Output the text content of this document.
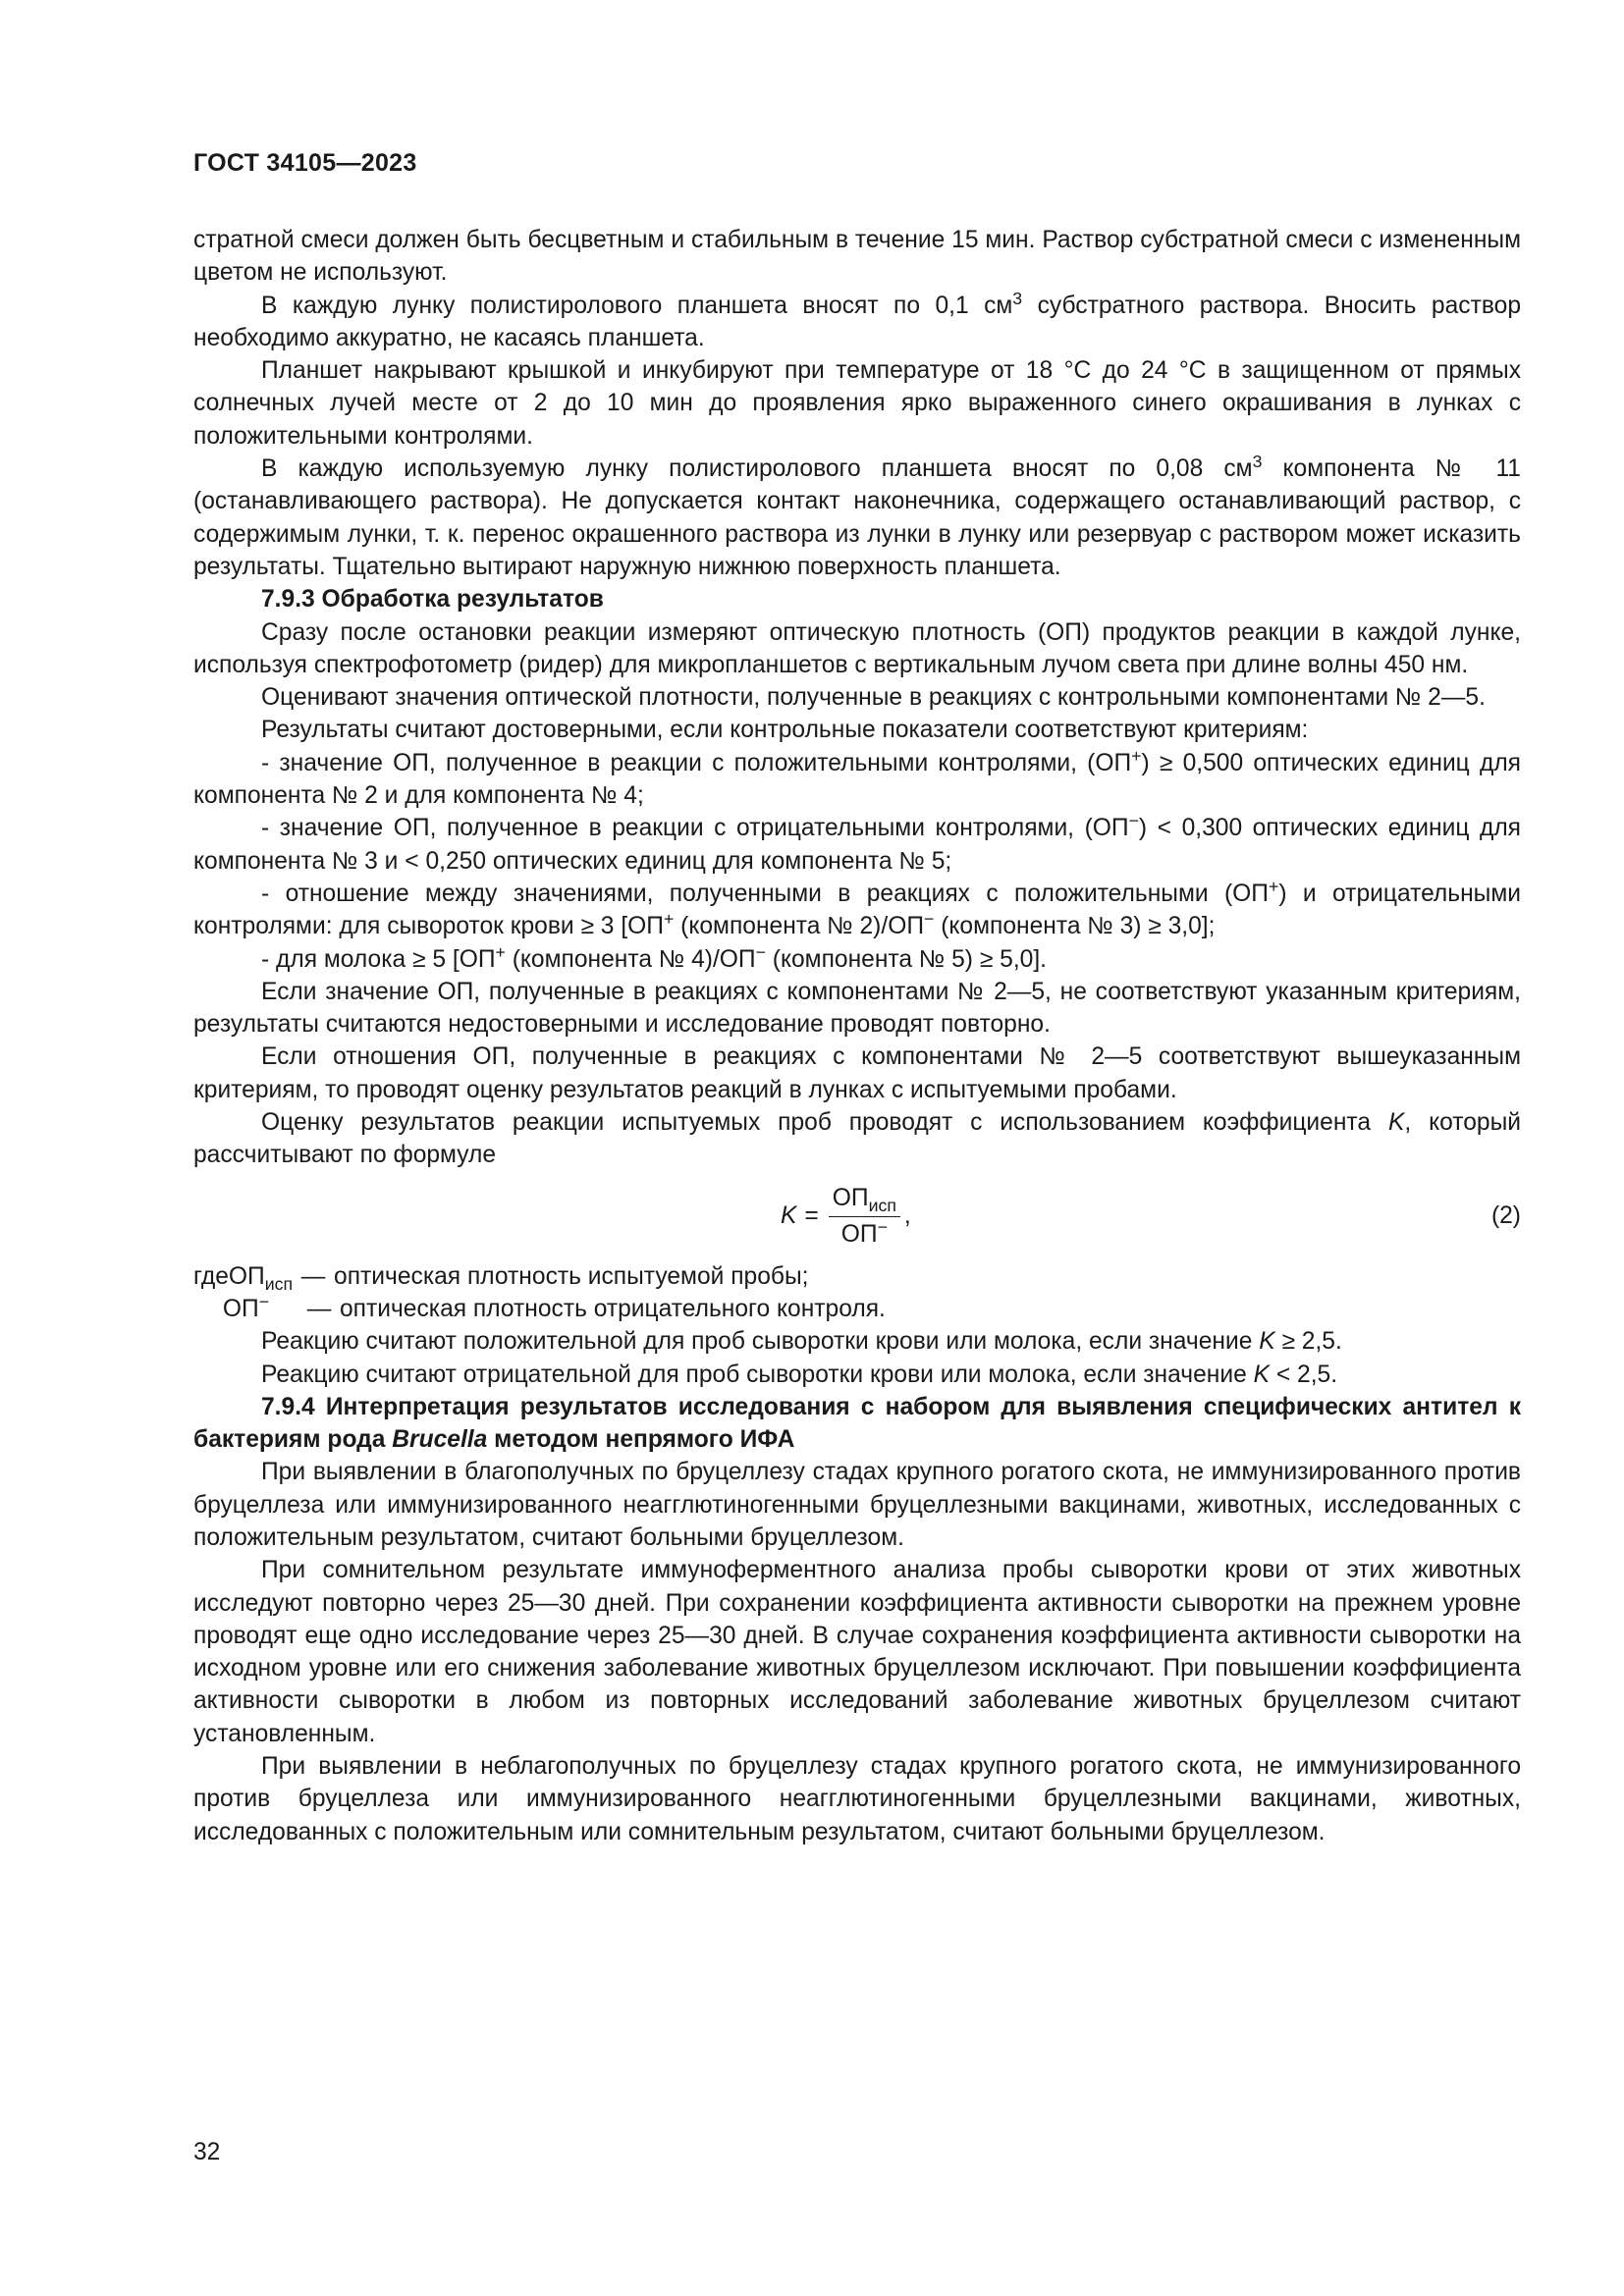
ГОСТ 34105—2023

стратной смеси должен быть бесцветным и стабильным в течение 15 мин. Раствор субстратной смеси с измененным цветом не используют.

В каждую лунку полистиролового планшета вносят по 0,1 $см^3$ субстратного раствора. Вносить раствор необходимо аккуратно, не касаясь планшета.

Планшет накрывают крышкой и инкубируют при температуре от 18 °С до 24 °С в защищенном от прямых солнечных лучей месте от 2 до 10 мин до проявления ярко выраженного синего окрашивания в лунках с положительными контролями.

В каждую используемую лунку полистиролового планшета вносят по 0,08 $см^3$ компонента № 11 (останавливающего раствора). Не допускается контакт наконечника, содержащего останавливающий раствор, с содержимым лунки, т. к. перенос окрашенного раствора из лунки в лунку или резервуар с раствором может исказить результаты. Тщательно вытирают наружную нижнюю поверхность планшета.

7.9.3 Обработка результатов

Сразу после остановки реакции измеряют оптическую плотность (ОП) продуктов реакции в каждой лунке, используя спектрофотометр (ридер) для микропланшетов с вертикальным лучом света при длине волны 450 нм.

Оценивают значения оптической плотности, полученные в реакциях с контрольными компонентами № 2—5.

Результаты считают достоверными, если контрольные показатели соответствуют критериям:

- значение ОП, полученное в реакции с положительными контролями, (ОП+) ≥ 0,500 оптических единиц для компонента № 2 и для компонента № 4;

- значение ОП, полученное в реакции с отрицательными контролями, (ОП−) < 0,300 оптических единиц для компонента № 3 и < 0,250 оптических единиц для компонента № 5;

- отношение между значениями, полученными в реакциях с положительными (ОП+) и отрицательными контролями: для сывороток крови ≥ 3 [ОП+ (компонента № 2)/ОП− (компонента № 3) ≥ 3,0];

- для молока ≥ 5 [ОП+ (компонента № 4)/ОП− (компонента № 5) ≥ 5,0].

Если значение ОП, полученные в реакциях с компонентами № 2—5, не соответствуют указанным критериям, результаты считаются недостоверными и исследование проводят повторно.

Если отношения ОП, полученные в реакциях с компонентами № 2—5 соответствуют вышеуказанным критериям, то проводят оценку результатов реакций в лунках с испытуемыми пробами.

Оценку результатов реакции испытуемых проб проводят с использованием коэффициента K, который рассчитывают по формуле

$K = \frac{ОП_{исп}}{ОП^-}$ ,	(2)
где $ОП_{исп}$ — оптическая плотность испытуемой пробы;
ОП−	— оптическая плотность отрицательного контроля.

Реакцию считают положительной для проб сыворотки крови или молока, если значение K ≥ 2,5.

Реакцию считают отрицательной для проб сыворотки крови или молока, если значение K < 2,5.

7.9.4 Интерпретация результатов исследования с набором для выявления специфических антител к бактериям рода Brucella методом непрямого ИФА

При выявлении в благополучных по бруцеллезу стадах крупного рогатого скота, не иммунизированного против бруцеллеза или иммунизированного неагглютиногенными бруцеллезными вакцинами, животных, исследованных с положительным результатом, считают больными бруцеллезом.

При сомнительном результате иммуноферментного анализа пробы сыворотки крови от этих животных исследуют повторно через 25—30 дней. При сохранении коэффициента активности сыворотки на прежнем уровне проводят еще одно исследование через 25—30 дней. В случае сохранения коэффициента активности сыворотки на исходном уровне или его снижения заболевание животных бруцеллезом исключают. При повышении коэффициента активности сыворотки в любом из повторных исследований заболевание животных бруцеллезом считают установленным.

При выявлении в неблагополучных по бруцеллезу стадах крупного рогатого скота, не иммунизированного против бруцеллеза или иммунизированного неагглютиногенными бруцеллезными вакцинами, животных, исследованных с положительным или сомнительным результатом, считают больными бруцеллезом.

32
